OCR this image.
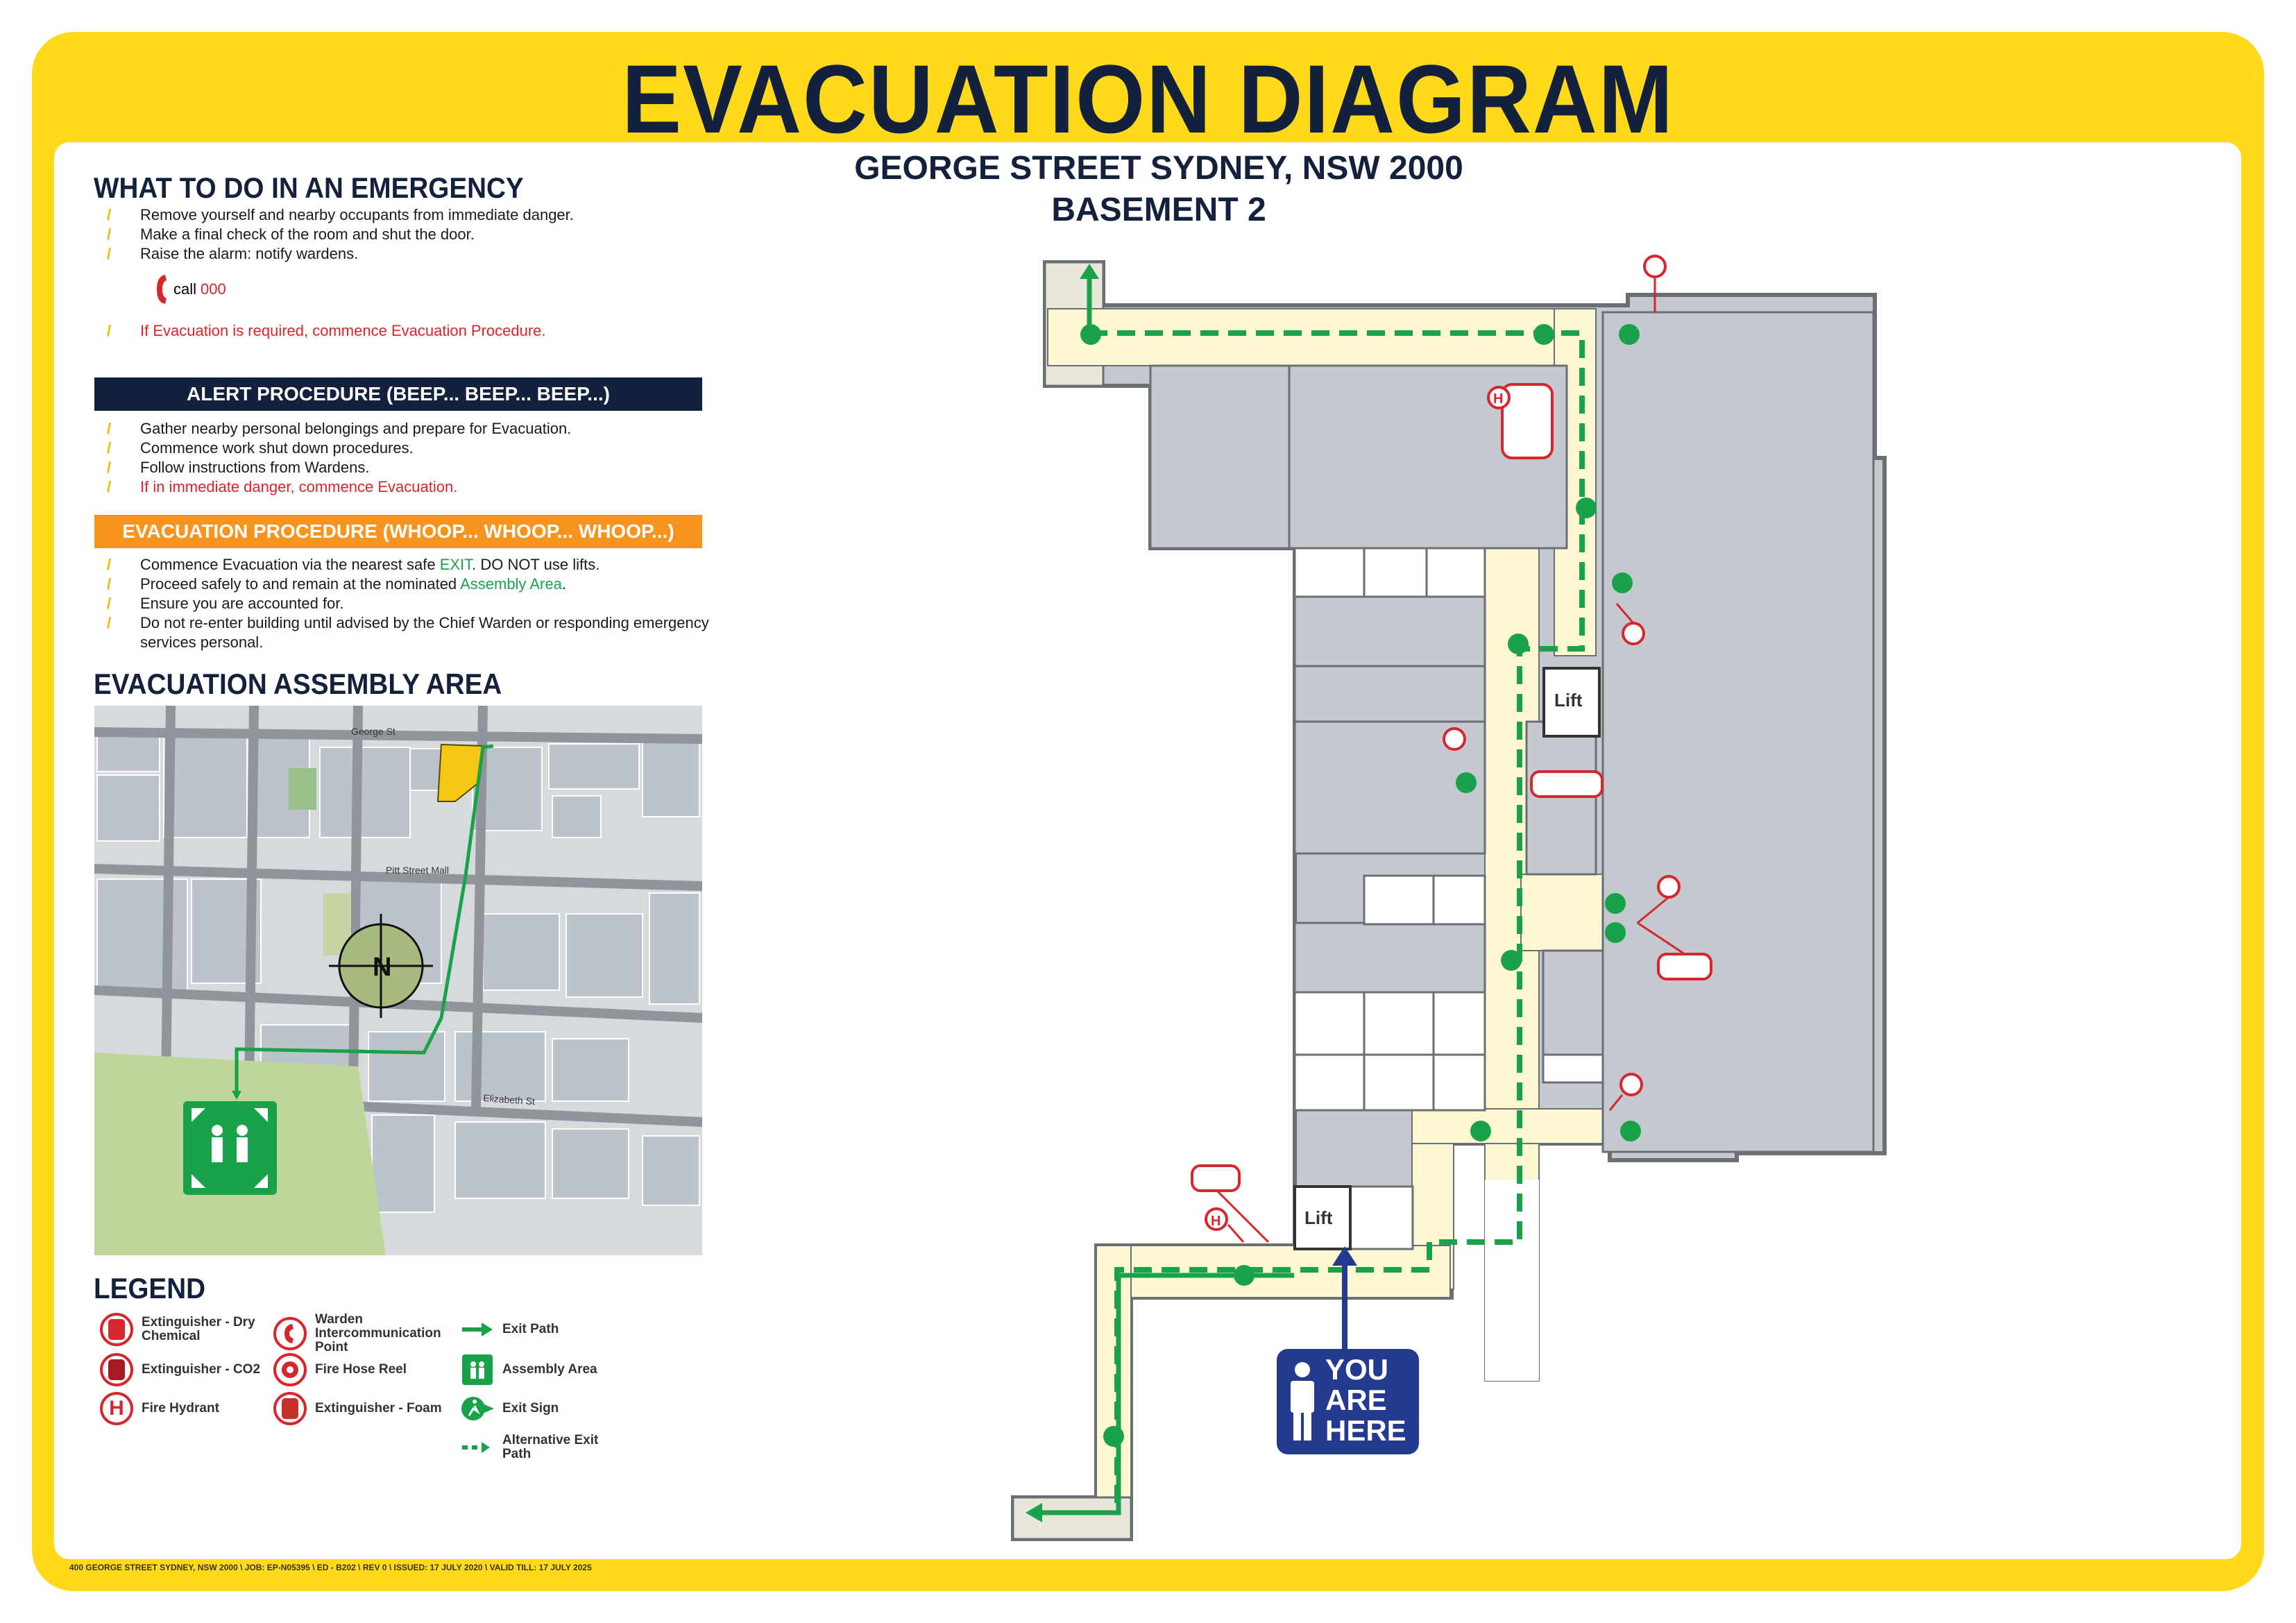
EVACUATION DIAGRAM
GEORGE STREET SYDNEY, NSW 2000
BASEMENT 2
WHAT TO DO IN AN EMERGENCY
/ Remove yourself and nearby occupants from immediate danger.
/ Make a final check of the room and shut the door.
/ Raise the alarm: notify wardens.
call 000
/ If Evacuation is required, commence Evacuation Procedure.
ALERT PROCEDURE (BEEP... BEEP... BEEP...)
/ Gather nearby personal belongings and prepare for Evacuation.
/ Commence work shut down procedures.
/ Follow instructions from Wardens.
/ If in immediate danger, commence Evacuation.
EVACUATION PROCEDURE (WHOOP... WHOOP... WHOOP...)
/ Commence Evacuation via the nearest safe EXIT. DO NOT use lifts.
/ Proceed safely to and remain at the nominated Assembly Area.
/ Ensure you are accounted for.
/ Do not re-enter building until advised by the Chief Warden or responding emergency services personal.
EVACUATION ASSEMBLY AREA
N
George St
Pitt Street Mall
Elizabeth St
LEGEND
Extinguisher - Dry Chemical
Extinguisher - CO2
H	Fire Hydrant
Warden Intercommunication Point
Fire Hose Reel
Extinguisher - Foam
Exit Path
Assembly Area
Exit Sign
Alternative Exit Path
Lift
Lift
H
H
YOU
ARE
HERE
400 GEORGE STREET SYDNEY, NSW 2000 \ JOB: EP-N05395 \ ED - B202 \ REV 0 \ ISSUED: 17 JULY 2020 \ VALID TILL: 17 JULY 2025
